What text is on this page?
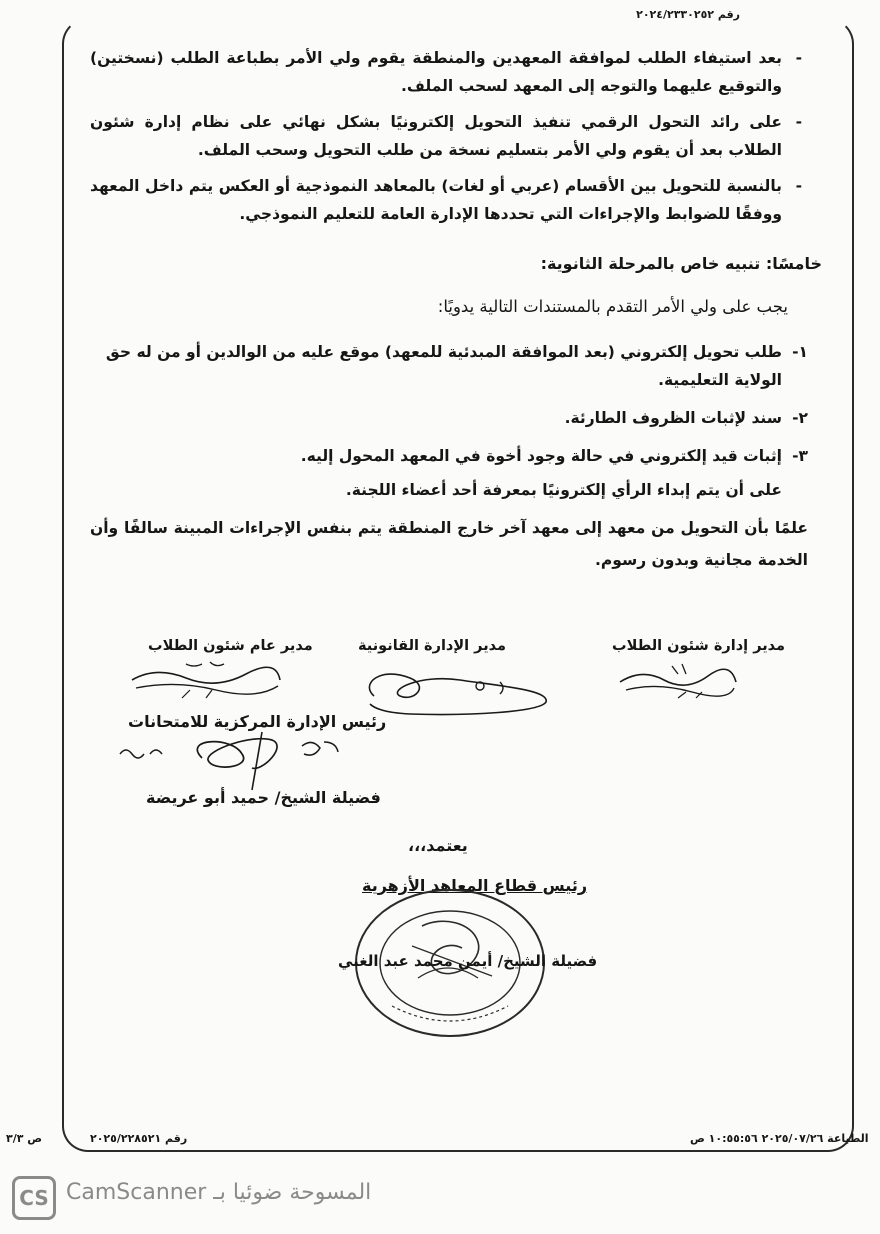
رقم ٢٠٢٤/٢٣٣٠٢٥٢
- بعد استيفاء الطلب لموافقة المعهدين والمنطقة يقوم ولي الأمر بطباعة الطلب (نسختين) والتوقيع عليهما والتوجه إلى المعهد لسحب الملف.
- على رائد التحول الرقمي تنفيذ التحويل إلكترونيًا بشكل نهائي على نظام إدارة شئون الطلاب بعد أن يقوم ولي الأمر بتسليم نسخة من طلب التحويل وسحب الملف.
- بالنسبة للتحويل بين الأقسام (عربي أو لغات) بالمعاهد النموذجية أو العكس يتم داخل المعهد ووفقًا للضوابط والإجراءات التي تحددها الإدارة العامة للتعليم النموذجي.
خامسًا: تنبيه خاص بالمرحلة الثانوية:
يجب على ولي الأمر التقدم بالمستندات التالية يدويًا:
١-
طلب تحويل إلكتروني (بعد الموافقة المبدئية للمعهد) موقع عليه من الوالدين أو من له حق الولاية التعليمية.
٢-
سند لإثبات الظروف الطارئة.
٣-
إثبات قيد إلكتروني في حالة وجود أخوة في المعهد المحول إليه.
على أن يتم إبداء الرأي إلكترونيًا بمعرفة أحد أعضاء اللجنة.
علمًا بأن التحويل من معهد إلى معهد آخر خارج المنطقة يتم بنفس الإجراءات المبينة سالفًا وأن الخدمة مجانية وبدون رسوم.
مدير إدارة شئون الطلاب
مدير الإدارة القانونية
مدير عام شئون الطلاب
رئيس الإدارة المركزية للامتحانات
فضيلة الشيخ/ حميد أبو عريضة
يعتمد،،،
رئيس قطاع المعاهد الأزهرية
فضيلة الشيخ/ أيمن محمد عبد الغني
الطباعة ٢٠٢٥/٠٧/٢٦ ١٠:٥٥:٥٦ ص
رقم ٢٠٢٥/٢٢٨٥٢١
ص ٣/٣
CS المسوحة ضوئيا بـ CamScanner
